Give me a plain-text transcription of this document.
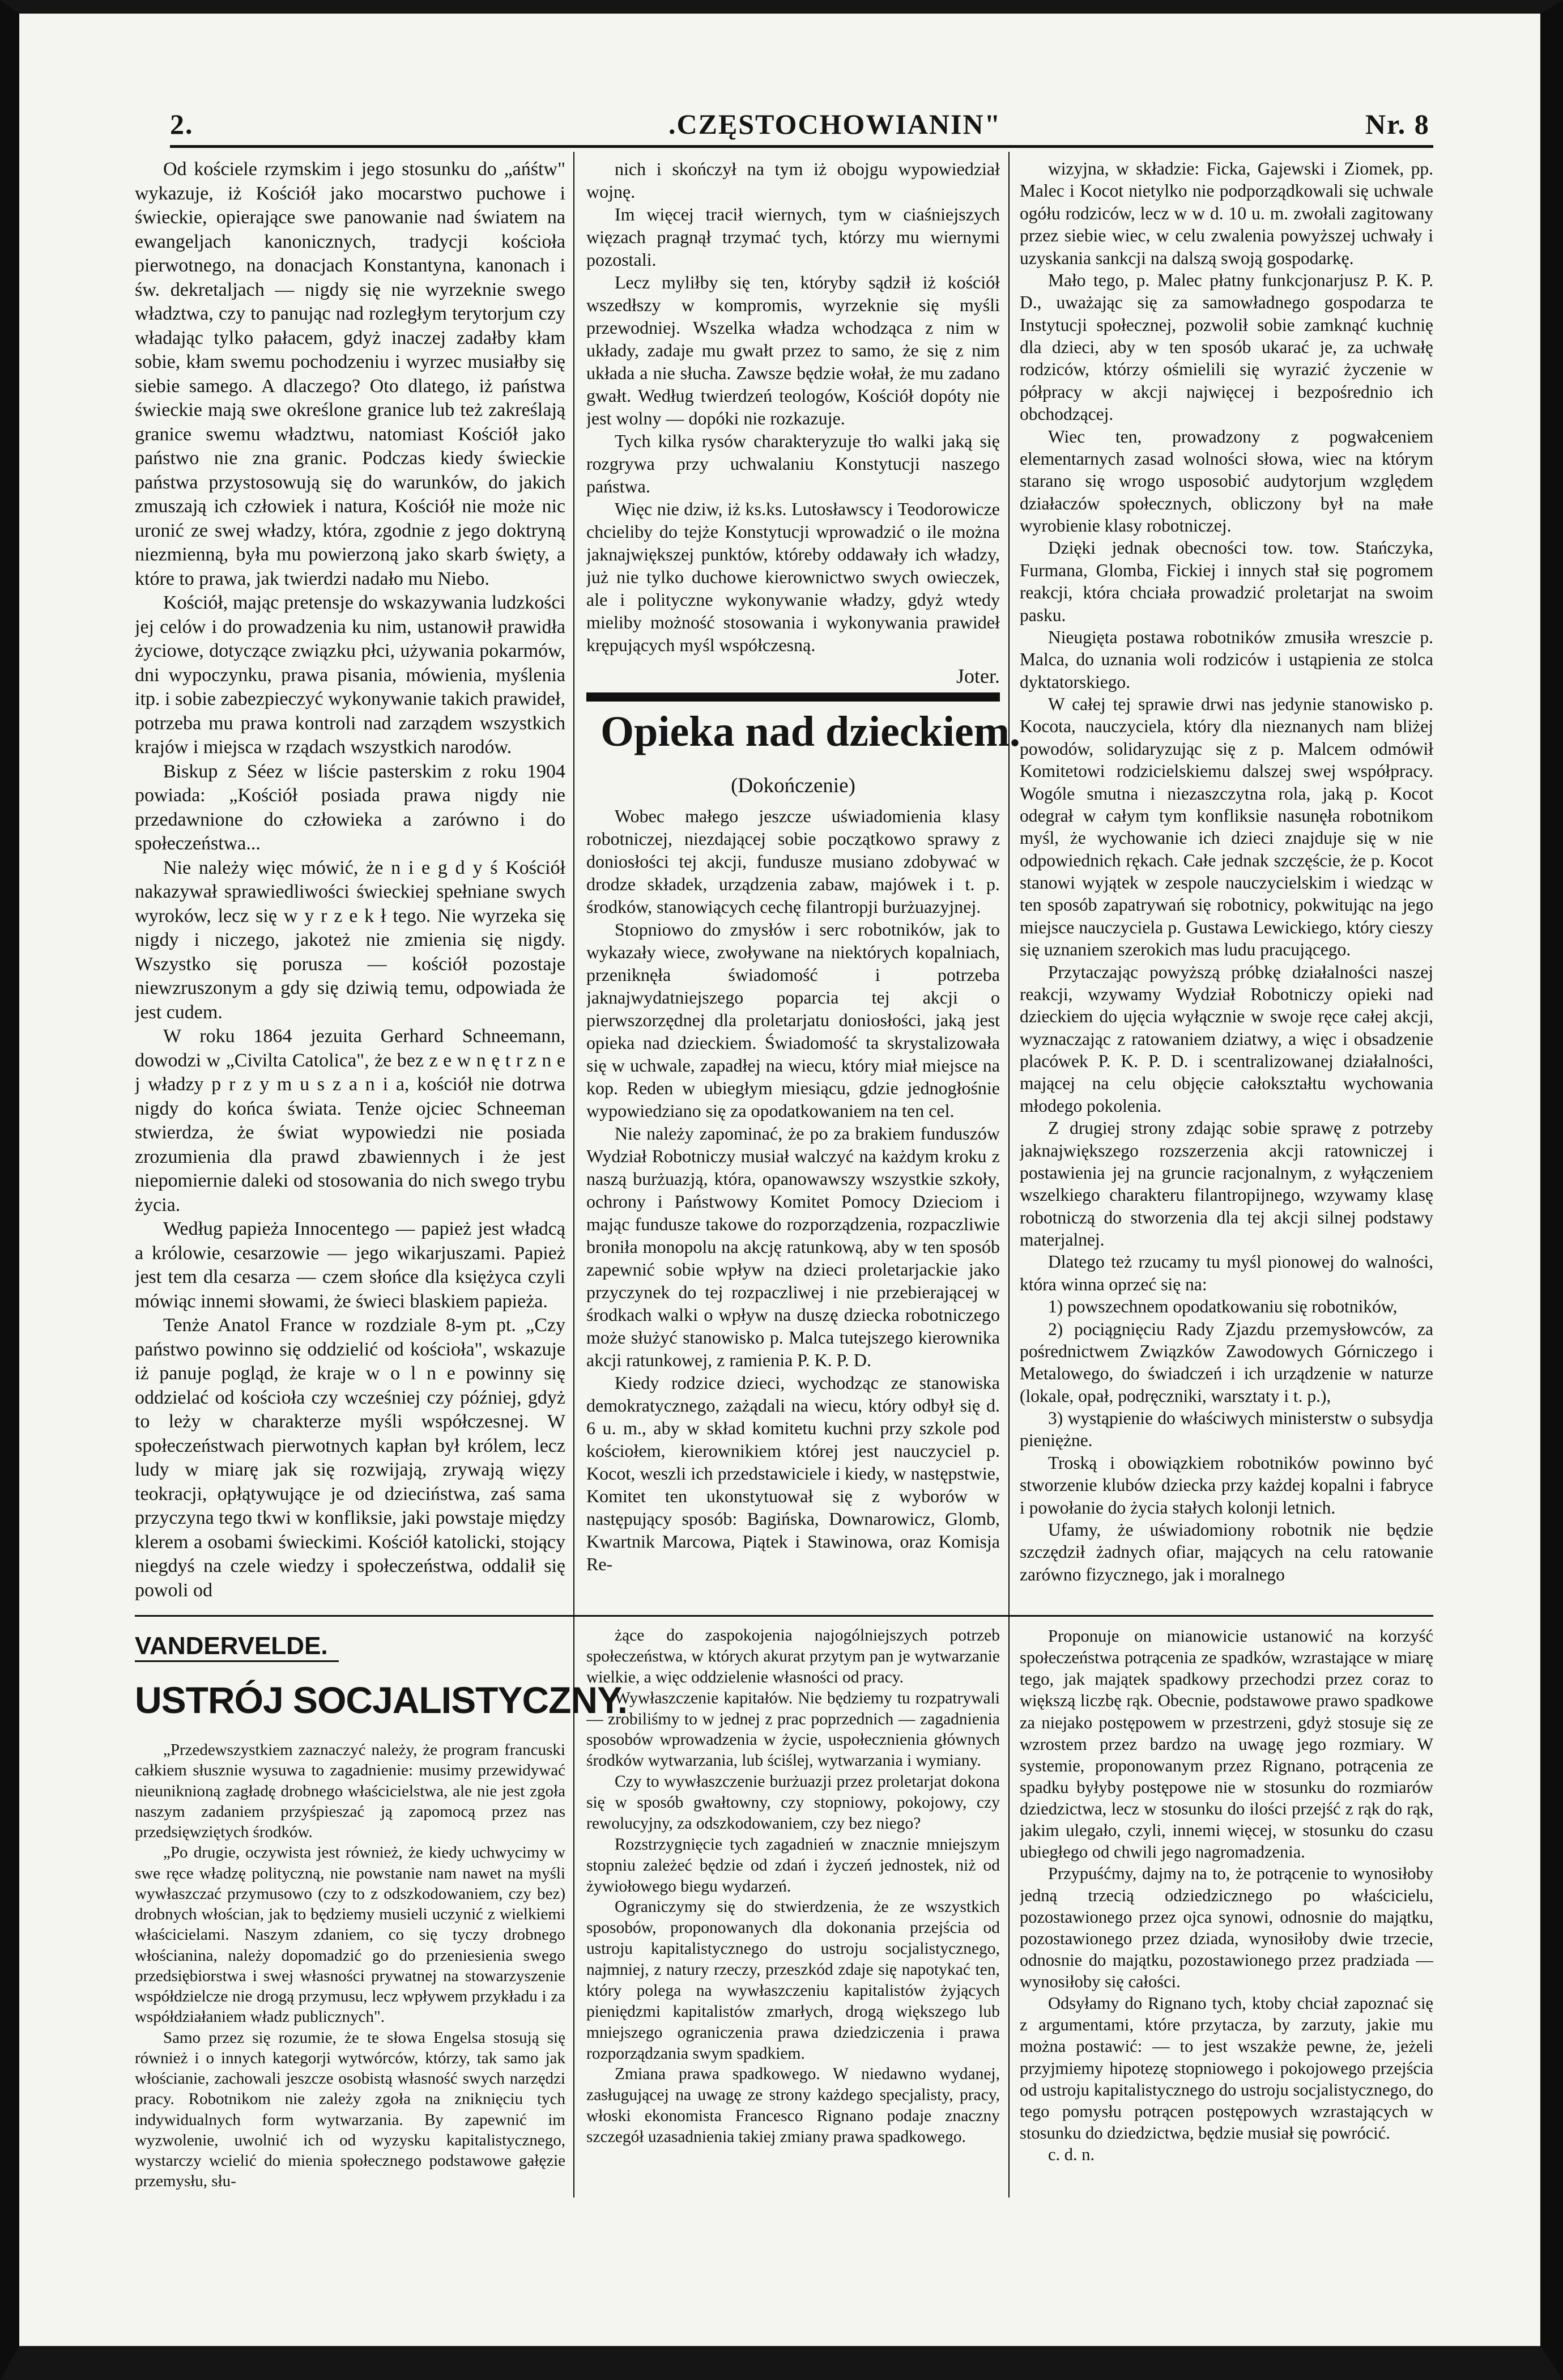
2.	.CZĘSTOCHOWIANIN"	Nr. 8

Od kościele rzymskim i jego stosunku do „ańśtw" wykazuje, iż Kościół jako mocarstwo puchowe i świeckie, opierające swe panowanie nad światem na ewangeljach kanonicznych, tradycji kościoła pierwotnego, na donacjach Konstantyna, kanonach i św. dekretaljach — nigdy się nie wyrzeknie swego władztwa, czy to panując nad rozległym terytorjum czy władając tylko pałacem, gdyż inaczej zadałby kłam sobie, kłam swemu pochodzeniu i wyrzec musiałby się siebie samego. A dlaczego? Oto dlatego, iż państwa świeckie mają swe określone granice lub też zakreślają granice swemu władztwu, natomiast Kościół jako państwo nie zna granic. Podczas kiedy świeckie państwa przystosowują się do warunków, do jakich zmuszają ich człowiek i natura, Kościół nie może nic uronić ze swej władzy, która, zgodnie z jego doktryną niezmienną, była mu powierzoną jako skarb święty, a które to prawa, jak twierdzi nadało mu Niebo.

Kościół, mając pretensje do wskazywania ludzkości jej celów i do prowadzenia ku nim, ustanowił prawidła życiowe, dotyczące związku płci, używania pokarmów, dni wypoczynku, prawa pisania, mówienia, myślenia itp. i sobie zabezpieczyć wykonywanie takich prawideł, potrzeba mu prawa kontroli nad zarządem wszystkich krajów i miejsca w rządach wszystkich narodów.

Biskup z Séez w liście pasterskim z roku 1904 powiada: „Kościół posiada prawa nigdy nie przedawnione do człowieka a zarówno i do społeczeństwa...

Nie należy więc mówić, że n i e g d y ś Kościół nakazywał sprawiedliwości świeckiej spełniane swych wyroków, lecz się w y r z e k ł tego. Nie wyrzeka się nigdy i niczego, jakoteż nie zmienia się nigdy. Wszystko się porusza — kościół pozostaje niewzruszonym a gdy się dziwią temu, odpowiada że jest cudem.

W roku 1864 jezuita Gerhard Schneemann, dowodzi w „Civilta Catolica", że bez z e w n ę t r z n e j władzy p r z y m u s z a n i a, kościół nie dotrwa nigdy do końca świata. Tenże ojciec Schneeman stwierdza, że świat wypowiedzi nie posiada zrozumienia dla prawd zbawiennych i że jest niepomiernie daleki od stosowania do nich swego trybu życia.

Według papieża Innocentego — papież jest władcą a królowie, cesarzowie — jego wikarjuszami. Papież jest tem dla cesarza — czem słońce dla księżyca czyli mówiąc innemi słowami, że świeci blaskiem papieża.

Tenże Anatol France w rozdziale 8-ym pt. „Czy państwo powinno się oddzielić od kościoła", wskazuje iż panuje pogląd, że kraje w o l n e powinny się oddzielać od kościoła czy wcześniej czy później, gdyż to leży w charakterze myśli współczesnej. W społeczeństwach pierwotnych kapłan był królem, lecz ludy w miarę jak się rozwijają, zrywają więzy teokracji, opłątywujące je od dzieciństwa, zaś sama przyczyna tego tkwi w konfliksie, jaki powstaje między klerem a osobami świeckimi. Kościół katolicki, stojący niegdyś na czele wiedzy i społeczeństwa, oddalił się powoli od

nich i skończył na tym iż obojgu wypowiedział wojnę.

Im więcej tracił wiernych, tym w ciaśniejszych więzach pragnął trzymać tych, którzy mu wiernymi pozostali.

Lecz myliłby się ten, któryby sądził iż kościół wszedłszy w kompromis, wyrzeknie się myśli przewodniej. Wszelka władza wchodząca z nim w układy, zadaje mu gwałt przez to samo, że się z nim układa a nie słucha. Zawsze będzie wołał, że mu zadano gwałt. Według twierdzeń teologów, Kościół dopóty nie jest wolny — dopóki nie rozkazuje.

Tych kilka rysów charakteryzuje tło walki jaką się rozgrywa przy uchwalaniu Konstytucji naszego państwa.

Więc nie dziw, iż ks.ks. Lutosławscy i Teodorowicze chcieliby do tejże Konstytucji wprowadzić o ile można jaknajwiększej punktów, któreby oddawały ich władzy, już nie tylko duchowe kierownictwo swych owieczek, ale i polityczne wykonywanie władzy, gdyż wtedy mieliby możność stosowania i wykonywania prawideł krępujących myśl współczesną.

Joter.
Opieka nad dzieckiem.
(Dokończenie)

Wobec małego jeszcze uświadomienia klasy robotniczej, niezdającej sobie początkowo sprawy z doniosłości tej akcji, fundusze musiano zdobywać w drodze składek, urządzenia zabaw, majówek i t. p. środków, stanowiących cechę filantropji burżuazyjnej.

Stopniowo do zmysłów i serc robotników, jak to wykazały wiece, zwoływane na niektórych kopalniach, przeniknęła świadomość i potrzeba jaknajwydatniejszego poparcia tej akcji o pierwszorzędnej dla proletarjatu doniosłości, jaką jest opieka nad dzieckiem. Świadomość ta skrystalizowała się w uchwale, zapadłej na wiecu, który miał miejsce na kop. Reden w ubiegłym miesiącu, gdzie jednogłośnie wypowiedziano się za opodatkowaniem na ten cel.

Nie należy zapominać, że po za brakiem funduszów Wydział Robotniczy musiał walczyć na każdym kroku z naszą burżuazją, która, opanowawszy wszystkie szkoły, ochrony i Państwowy Komitet Pomocy Dzieciom i mając fundusze takowe do rozporządzenia, rozpaczliwie broniła monopolu na akcję ratunkową, aby w ten sposób zapewnić sobie wpływ na dzieci proletarjackie jako przyczynek do tej rozpaczliwej i nie przebierającej w środkach walki o wpływ na duszę dziecka robotniczego może służyć stanowisko p. Malca tutejszego kierownika akcji ratunkowej, z ramienia P. K. P. D.

Kiedy rodzice dzieci, wychodząc ze stanowiska demokratycznego, zażądali na wiecu, który odbył się d. 6 u. m., aby w skład komitetu kuchni przy szkole pod kościołem, kierownikiem której jest nauczyciel p. Kocot, weszli ich przedstawiciele i kiedy, w następstwie, Komitet ten ukonstytuował się z wyborów w następujący sposób: Bagińska, Downarowicz, Glomb, Kwartnik Marcowa, Piątek i Stawinowa, oraz Komisja Re-

wizyjna, w składzie: Ficka, Gajewski i Ziomek, pp. Malec i Kocot nietylko nie podporządkowali się uchwale ogółu rodziców, lecz w w d. 10 u. m. zwołali zagitowany przez siebie wiec, w celu zwalenia powyższej uchwały i uzyskania sankcji na dalszą swoją gospodarkę.

Mało tego, p. Malec płatny funkcjonarjusz P. K. P. D., uważając się za samowładnego gospodarza te Instytucji społecznej, pozwolił sobie zamknąć kuchnię dla dzieci, aby w ten sposób ukarać je, za uchwałę rodziców, którzy ośmielili się wyrazić życzenie w półpracy w akcji najwięcej i bezpośrednio ich obchodzącej.

Wiec ten, prowadzony z pogwałceniem elementarnych zasad wolności słowa, wiec na którym starano się wrogo usposobić audytorjum względem działaczów społecznych, obliczony był na małe wyrobienie klasy robotniczej.

Dzięki jednak obecności tow. tow. Stańczyka, Furmana, Glomba, Fickiej i innych stał się pogromem reakcji, która chciała prowadzić proletarjat na swoim pasku.

Nieugięta postawa robotników zmusiła wreszcie p. Malca, do uznania woli rodziców i ustąpienia ze stolca dyktatorskiego.

W całej tej sprawie drwi nas jedynie stanowisko p. Kocota, nauczyciela, który dla nieznanych nam bliżej powodów, solidaryzując się z p. Malcem odmówił Komitetowi rodzicielskiemu dalszej swej współpracy. Wogóle smutna i niezaszczytna rola, jaką p. Kocot odegrał w całym tym konfliksie nasunęła robotnikom myśl, że wychowanie ich dzieci znajduje się w nie odpowiednich rękach. Całe jednak szczęście, że p. Kocot stanowi wyjątek w zespole nauczycielskim i wiedząc w ten sposób zapatrywań się robotnicy, pokwitując na jego miejsce nauczyciela p. Gustawa Lewickiego, który cieszy się uznaniem szerokich mas ludu pracującego.

Przytaczając powyższą próbkę działalności naszej reakcji, wzywamy Wydział Robotniczy opieki nad dzieckiem do ujęcia wyłącznie w swoje ręce całej akcji, wyznaczając z ratowaniem dziatwy, a więc i obsadzenie placówek P. K. P. D. i scentralizowanej działalności, mającej na celu objęcie całokształtu wychowania młodego pokolenia.

Z drugiej strony zdając sobie sprawę z potrzeby jaknajwiększego rozszerzenia akcji ratowniczej i postawienia jej na gruncie racjonalnym, z wyłączeniem wszelkiego charakteru filantropijnego, wzywamy klasę robotniczą do stworzenia dla tej akcji silnej podstawy materjalnej.

Dlatego też rzucamy tu myśl pionowej do walności, która winna oprzeć się na:

1) powszechnem opodatkowaniu się robotników,

2) pociągnięciu Rady Zjazdu przemysłowców, za pośrednictwem Związków Zawodowych Górniczego i Metalowego, do świadczeń i ich urządzenie w naturze (lokale, opał, podręczniki, warsztaty i t. p.),

3) wystąpienie do właściwych ministerstw o subsydja pieniężne.

Troską i obowiązkiem robotników powinno być stworzenie klubów dziecka przy każdej kopalni i fabryce i powołanie do życia stałych kolonji letnich.

Ufamy, że uświadomiony robotnik nie będzie szczędził żadnych ofiar, mających na celu ratowanie zarówno fizycznego, jak i moralnego

VANDERVELDE.
USTRÓJ SOCJALISTYCZNY.

„Przedewszystkiem zaznaczyć należy, że program francuski całkiem słusznie wysuwa to zagadnienie: musimy przewidywać nieuniknioną zagładę drobnego właścicielstwa, ale nie jest zgoła naszym zadaniem przyśpieszać ją zapomocą przez nas przedsięwziętych środków.

„Po drugie, oczywista jest również, że kiedy uchwycimy w swe ręce władzę polityczną, nie powstanie nam nawet na myśli wywłaszczać przymusowo (czy to z odszkodowaniem, czy bez) drobnych włościan, jak to będziemy musieli uczynić z wielkiemi właścicielami. Naszym zdaniem, co się tyczy drobnego włościanina, należy dopomadzić go do przeniesienia swego przedsiębiorstwa i swej własności prywatnej na stowarzyszenie współdzielcze nie drogą przymusu, lecz wpływem przykładu i za współdziałaniem władz publicznych".

Samo przez się rozumie, że te słowa Engelsa stosują się również i o innych kategorji wytwórców, którzy, tak samo jak włościanie, zachowali jeszcze osobistą własność swych narzędzi pracy. Robotnikom nie zależy zgoła na zniknięciu tych indywidualnych form wytwarzania. By zapewnić im wyzwolenie, uwolnić ich od wyzysku kapitalistycznego, wystarczy wcielić do mienia społecznego podstawowe gałęzie przemysłu, słu-

żące do zaspokojenia najogólniejszych potrzeb społeczeństwa, w których akurat przytym pan je wytwarzanie wielkie, a więc oddzielenie własności od pracy.

Wywłaszczenie kapitałów. Nie będziemy tu rozpatrywali — zrobiliśmy to w jednej z prac poprzednich — zagadnienia sposobów wprowadzenia w życie, uspołecznienia głównych środków wytwarzania, lub ściślej, wytwarzania i wymiany.

Czy to wywłaszczenie burżuazji przez proletarjat dokona się w sposób gwałtowny, czy stopniowy, pokojowy, czy rewolucyjny, za odszkodowaniem, czy bez niego?

Rozstrzygnięcie tych zagadnień w znacznie mniejszym stopniu zależeć będzie od zdań i życzeń jednostek, niż od żywiołowego biegu wydarzeń.

Ograniczymy się do stwierdzenia, że ze wszystkich sposobów, proponowanych dla dokonania przejścia od ustroju kapitalistycznego do ustroju socjalistycznego, najmniej, z natury rzeczy, przeszkód zdaje się napotykać ten, który polega na wywłaszczeniu kapitalistów żyjących pieniędzmi kapitalistów zmarłych, drogą większego lub mniejszego ograniczenia prawa dziedziczenia i prawa rozporządzania swym spadkiem.

Zmiana prawa spadkowego. W niedawno wydanej, zasługującej na uwagę ze strony każdego specjalisty, pracy, włoski ekonomista Francesco Rignano podaje znaczny szczegół uzasadnienia takiej zmiany prawa spadkowego.

Proponuje on mianowicie ustanowić na korzyść społeczeństwa potrącenia ze spadków, wzrastające w miarę tego, jak majątek spadkowy przechodzi przez coraz to większą liczbę rąk. Obecnie, podstawowe prawo spadkowe za niejako postępowem w przestrzeni, gdyż stosuje się ze wzrostem przez bardzo na uwagę jego rozmiary. W systemie, proponowanym przez Rignano, potrącenia ze spadku byłyby postępowe nie w stosunku do rozmiarów dziedzictwa, lecz w stosunku do ilości przejść z rąk do rąk, jakim ulegało, czyli, innemi więcej, w stosunku do czasu ubiegłego od chwili jego nagromadzenia.

Przypuśćmy, dajmy na to, że potrącenie to wynosiłoby jedną trzecią odziedzicznego po właścicielu, pozostawionego przez ojca synowi, odnosnie do majątku, pozostawionego przez dziada, wynosiłoby dwie trzecie, odnosnie do majątku, pozostawionego przez pradziada — wynosiłoby się całości.

Odsyłamy do Rignano tych, ktoby chciał zapoznać się z argumentami, które przytacza, by zarzuty, jakie mu można postawić: — to jest wszakże pewne, że, jeżeli przyjmiemy hipotezę stopniowego i pokojowego przejścia od ustroju kapitalistycznego do ustroju socjalistycznego, do tego pomysłu potrącen postępowych wzrastających w stosunku do dziedzictwa, będzie musiał się powrócić.

c. d. n.
